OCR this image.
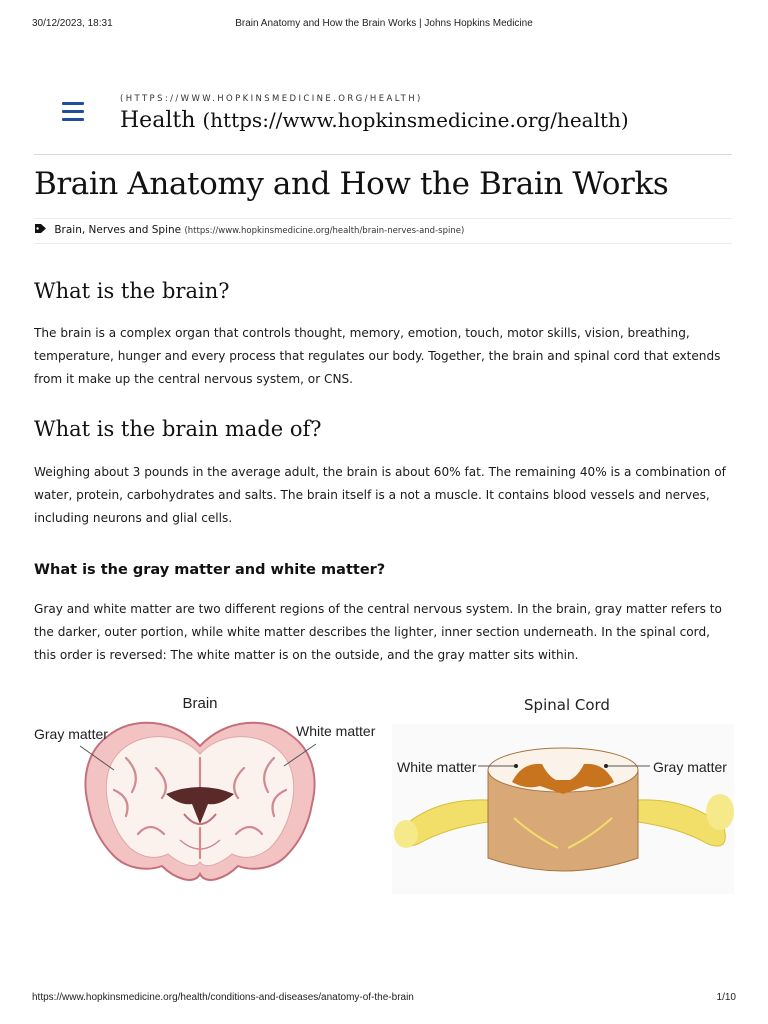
30/12/2023, 18:31	Brain Anatomy and How the Brain Works | Johns Hopkins Medicine
(HTTPS://WWW.HOPKINSMEDICINE.ORG/HEALTH)
Health (https://www.hopkinsmedicine.org/health)
Brain Anatomy and How the Brain Works
Brain, Nerves and Spine (https://www.hopkinsmedicine.org/health/brain-nerves-and-spine)
What is the brain?

The brain is a complex organ that controls thought, memory, emotion, touch, motor skills, vision, breathing, temperature, hunger and every process that regulates our body. Together, the brain and spinal cord that extends from it make up the central nervous system, or CNS.

What is the brain made of?

Weighing about 3 pounds in the average adult, the brain is about 60% fat. The remaining 40% is a combination of water, protein, carbohydrates and salts. The brain itself is a not a muscle. It contains blood vessels and nerves, including neurons and glial cells.

What is the gray matter and white matter?

Gray and white matter are two different regions of the central nervous system. In the brain, gray matter refers to the darker, outer portion, while white matter describes the lighter, inner section underneath. In the spinal cord, this order is reversed: The white matter is on the outside, and the gray matter sits within.

Brain
Gray matter	White matter
Spinal Cord
White matter	Gray matter
https://www.hopkinsmedicine.org/health/conditions-and-diseases/anatomy-of-the-brain	1/10
